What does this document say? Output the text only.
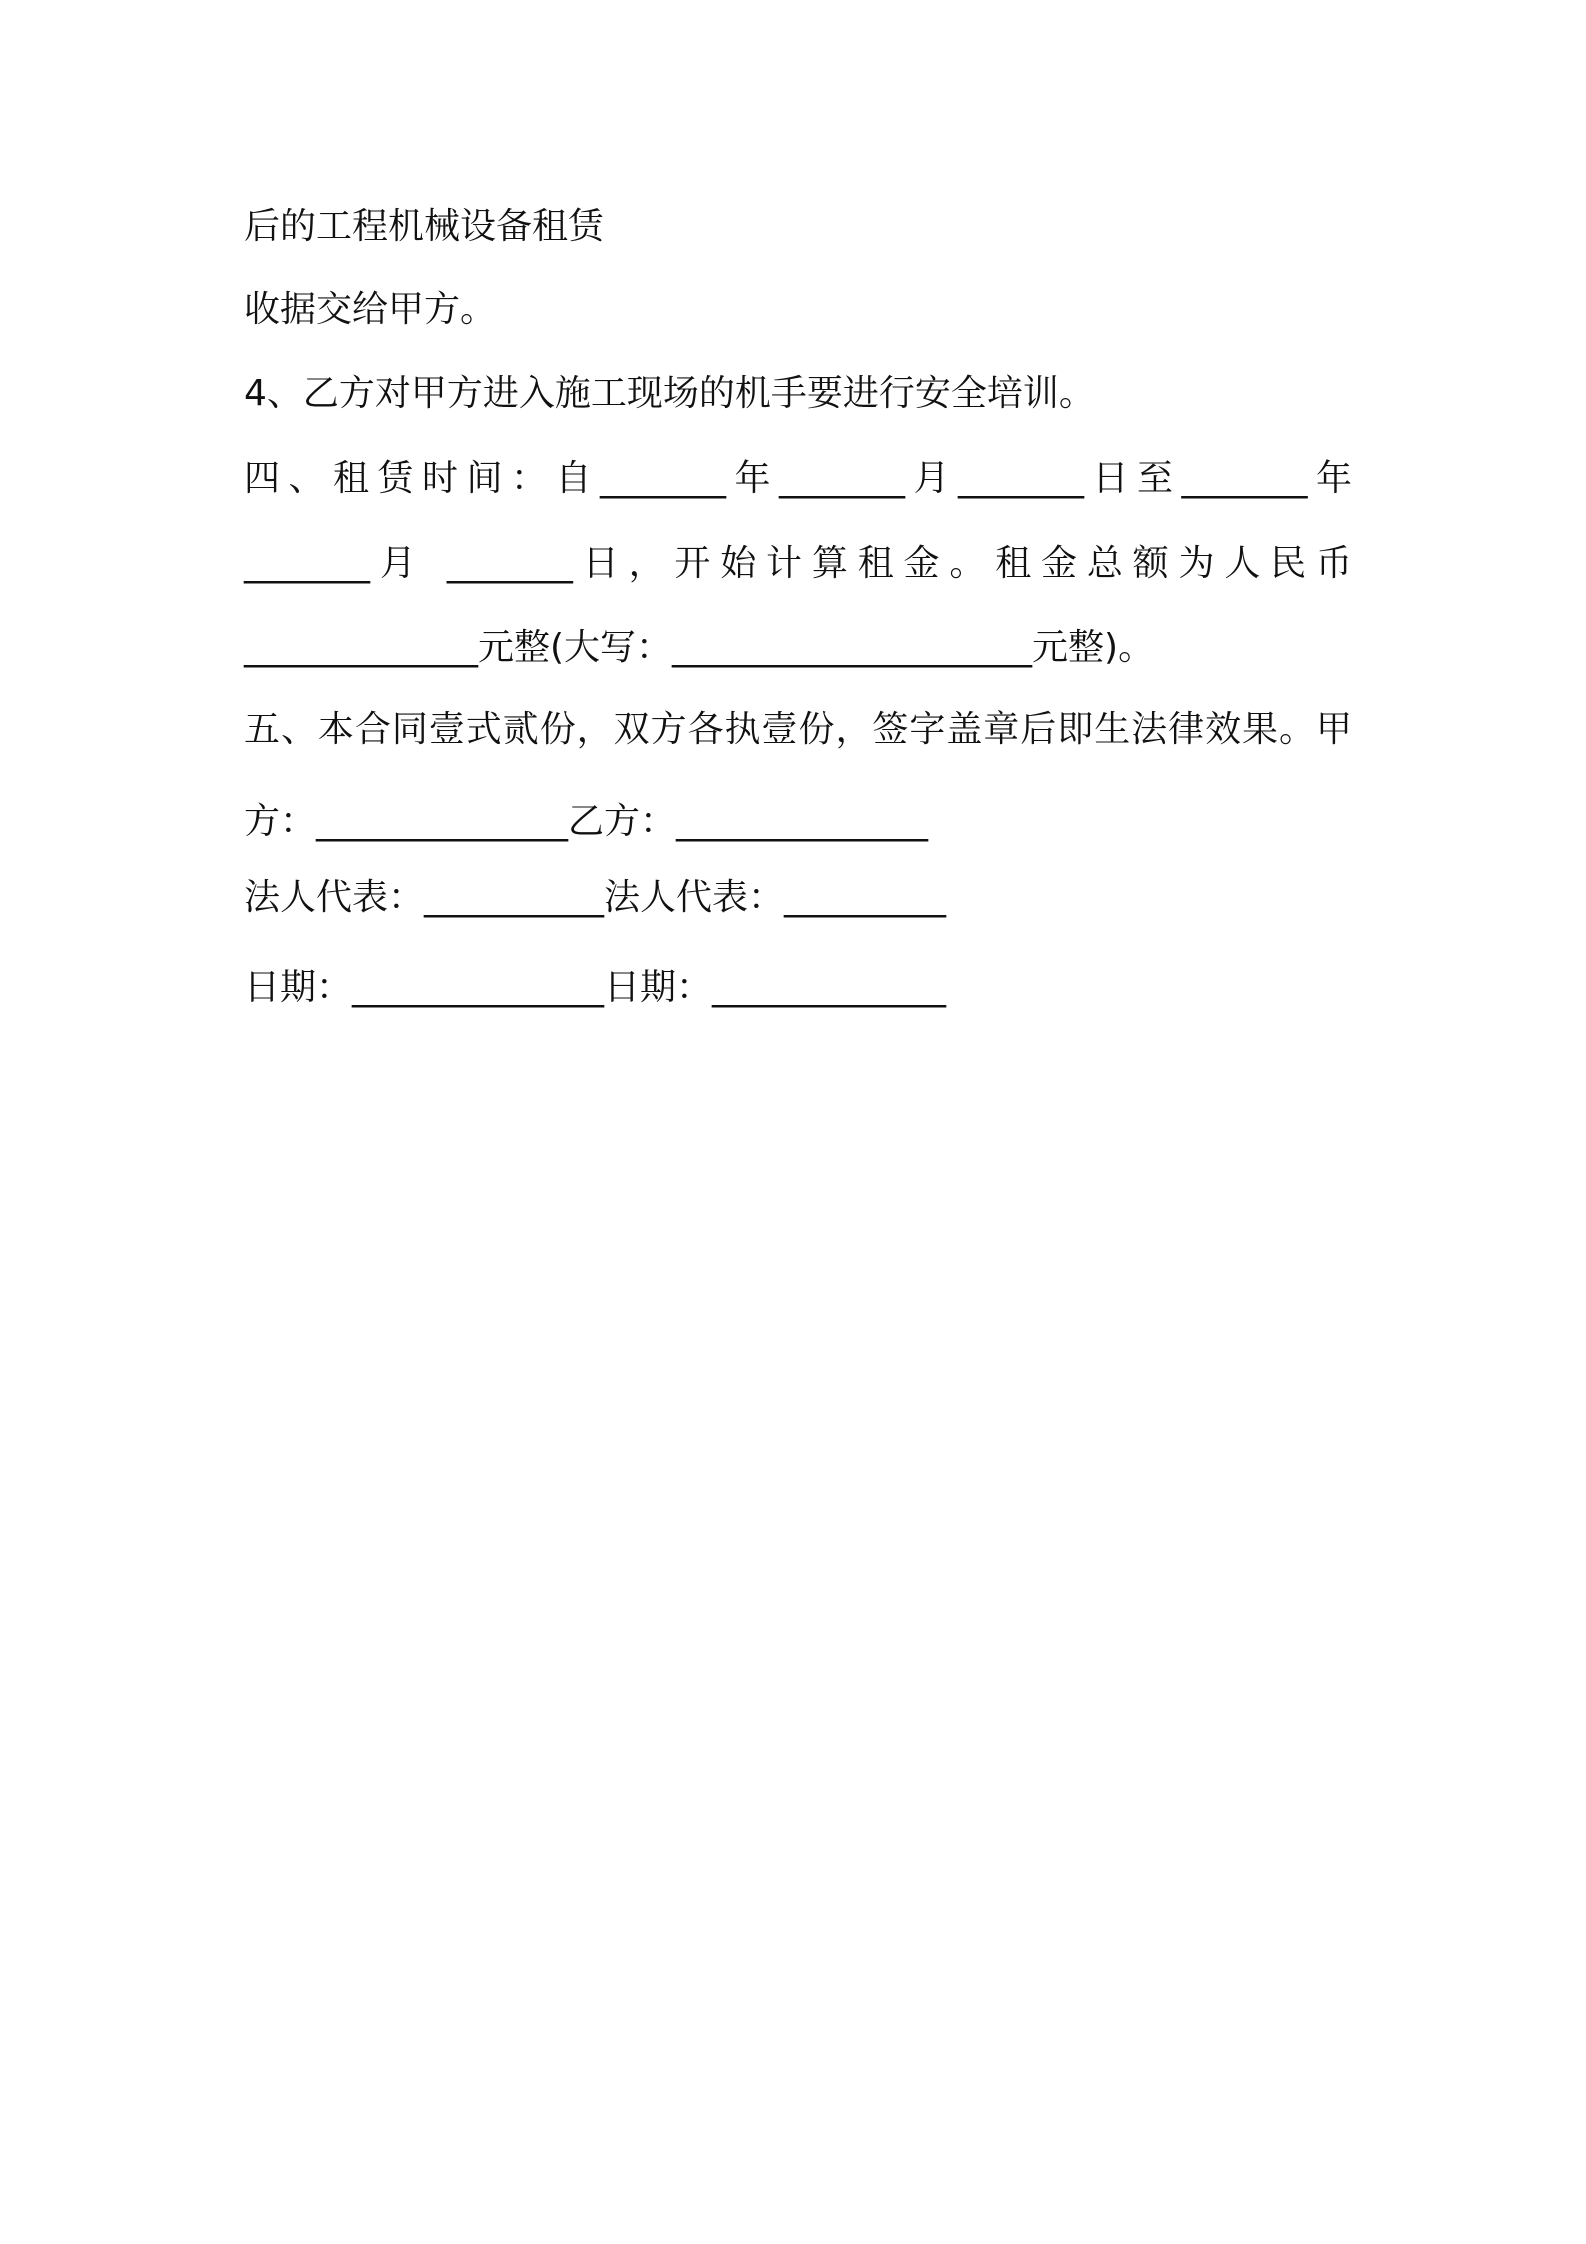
后的工程机械设备租赁
收据交给甲方。
4、乙方对甲方进入施工现场的机手要进行安全培训。
四、租赁时间：自_______年_______月_______日至_______年
_______月 _______日，开始计算租金。租金总额为人民币
_____________元整(大写：____________________元整)。
五、本合同壹式贰份，双方各执壹份，签字盖章后即生法律效果。甲
方：______________乙方：______________
法人代表：__________法人代表：_________
日期：______________日期：_____________
